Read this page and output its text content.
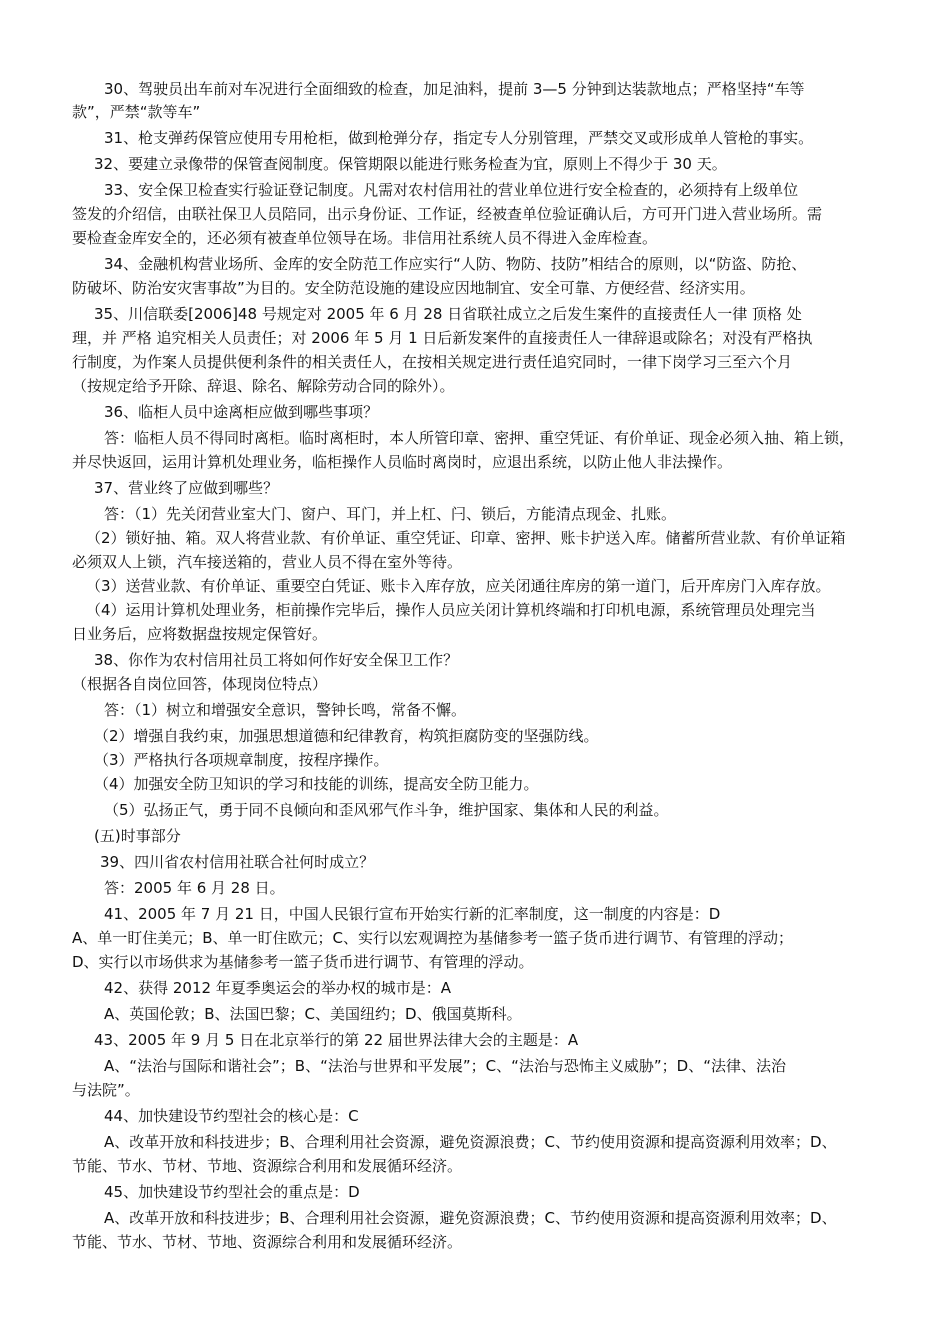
30、驾驶员出车前对车况进行全面细致的检查，加足油料，提前 3—5 分钟到达装款地点；严格坚持“车等
款”，严禁“款等车”
31、枪支弹药保管应使用专用枪柜，做到枪弹分存，指定专人分别管理，严禁交叉或形成单人管枪的事实。
32、要建立录像带的保管查阅制度。保管期限以能进行账务检查为宜，原则上不得少于 30 天。
33、安全保卫检查实行验证登记制度。凡需对农村信用社的营业单位进行安全检查的，必须持有上级单位
签发的介绍信，由联社保卫人员陪同，出示身份证、工作证，经被查单位验证确认后，方可开门进入营业场所。需
要检查金库安全的，还必须有被查单位领导在场。非信用社系统人员不得进入金库检查。
34、金融机构营业场所、金库的安全防范工作应实行“人防、物防、技防”相结合的原则，以“防盗、防抢、
防破坏、防治安灾害事故”为目的。安全防范设施的建设应因地制宜、安全可靠、方便经营、经济实用。
35、川信联委[2006]48 号规定对 2005 年 6 月 28 日省联社成立之后发生案件的直接责任人一律 顶格 处
理，并 严格 追究相关人员责任；对 2006 年 5 月 1 日后新发案件的直接责任人一律辞退或除名；对没有严格执
行制度，为作案人员提供便利条件的相关责任人，在按相关规定进行责任追究同时，一律下岗学习三至六个月
（按规定给予开除、辞退、除名、解除劳动合同的除外）。
36、临柜人员中途离柜应做到哪些事项？
答：临柜人员不得同时离柜。临时离柜时，本人所管印章、密押、重空凭证、有价单证、现金必须入抽、箱上锁，
并尽快返回，运用计算机处理业务，临柜操作人员临时离岗时，应退出系统，以防止他人非法操作。
37、营业终了应做到哪些？
答：（1）先关闭营业室大门、窗户、耳门，并上杠、闩、锁后，方能清点现金、扎账。
（2）锁好抽、箱。双人将营业款、有价单证、重空凭证、印章、密押、账卡护送入库。储蓄所营业款、有价单证箱
必须双人上锁，汽车接送箱的，营业人员不得在室外等待。
（3）送营业款、有价单证、重要空白凭证、账卡入库存放，应关闭通往库房的第一道门，后开库房门入库存放。
（4）运用计算机处理业务，柜前操作完毕后，操作人员应关闭计算机终端和打印机电源，系统管理员处理完当
日业务后，应将数据盘按规定保管好。
38、你作为农村信用社员工将如何作好安全保卫工作？
（根据各自岗位回答，体现岗位特点）
答：（1）树立和增强安全意识，警钟长鸣，常备不懈。
（2）增强自我约束，加强思想道德和纪律教育，构筑拒腐防变的坚强防线。
（3）严格执行各项规章制度，按程序操作。
（4）加强安全防卫知识的学习和技能的训练，提高安全防卫能力。
（5）弘扬正气，勇于同不良倾向和歪风邪气作斗争，维护国家、集体和人民的利益。
(五)时事部分
39、四川省农村信用社联合社何时成立？
答：2005 年 6 月 28 日。
41、2005 年 7 月 21 日，中国人民银行宣布开始实行新的汇率制度，这一制度的内容是：D
A、单一盯住美元；B、单一盯住欧元；C、实行以宏观调控为基储参考一篮子货币进行调节、有管理的浮动；
D、实行以市场供求为基储参考一篮子货币进行调节、有管理的浮动。
42、获得 2012 年夏季奥运会的举办权的城市是：A
A、英国伦敦；B、法国巴黎；C、美国纽约；D、俄国莫斯科。
43、2005 年 9 月 5 日在北京举行的第 22 届世界法律大会的主题是：A
A、“法治与国际和谐社会”；B、“法治与世界和平发展”；C、“法治与恐怖主义威胁”；D、“法律、法治
与法院”。
44、加快建设节约型社会的核心是：C
A、改革开放和科技进步；B、合理利用社会资源，避免资源浪费；C、节约使用资源和提高资源利用效率；D、
节能、节水、节材、节地、资源综合利用和发展循环经济。
45、加快建设节约型社会的重点是：D
A、改革开放和科技进步；B、合理利用社会资源，避免资源浪费；C、节约使用资源和提高资源利用效率；D、
节能、节水、节材、节地、资源综合利用和发展循环经济。
